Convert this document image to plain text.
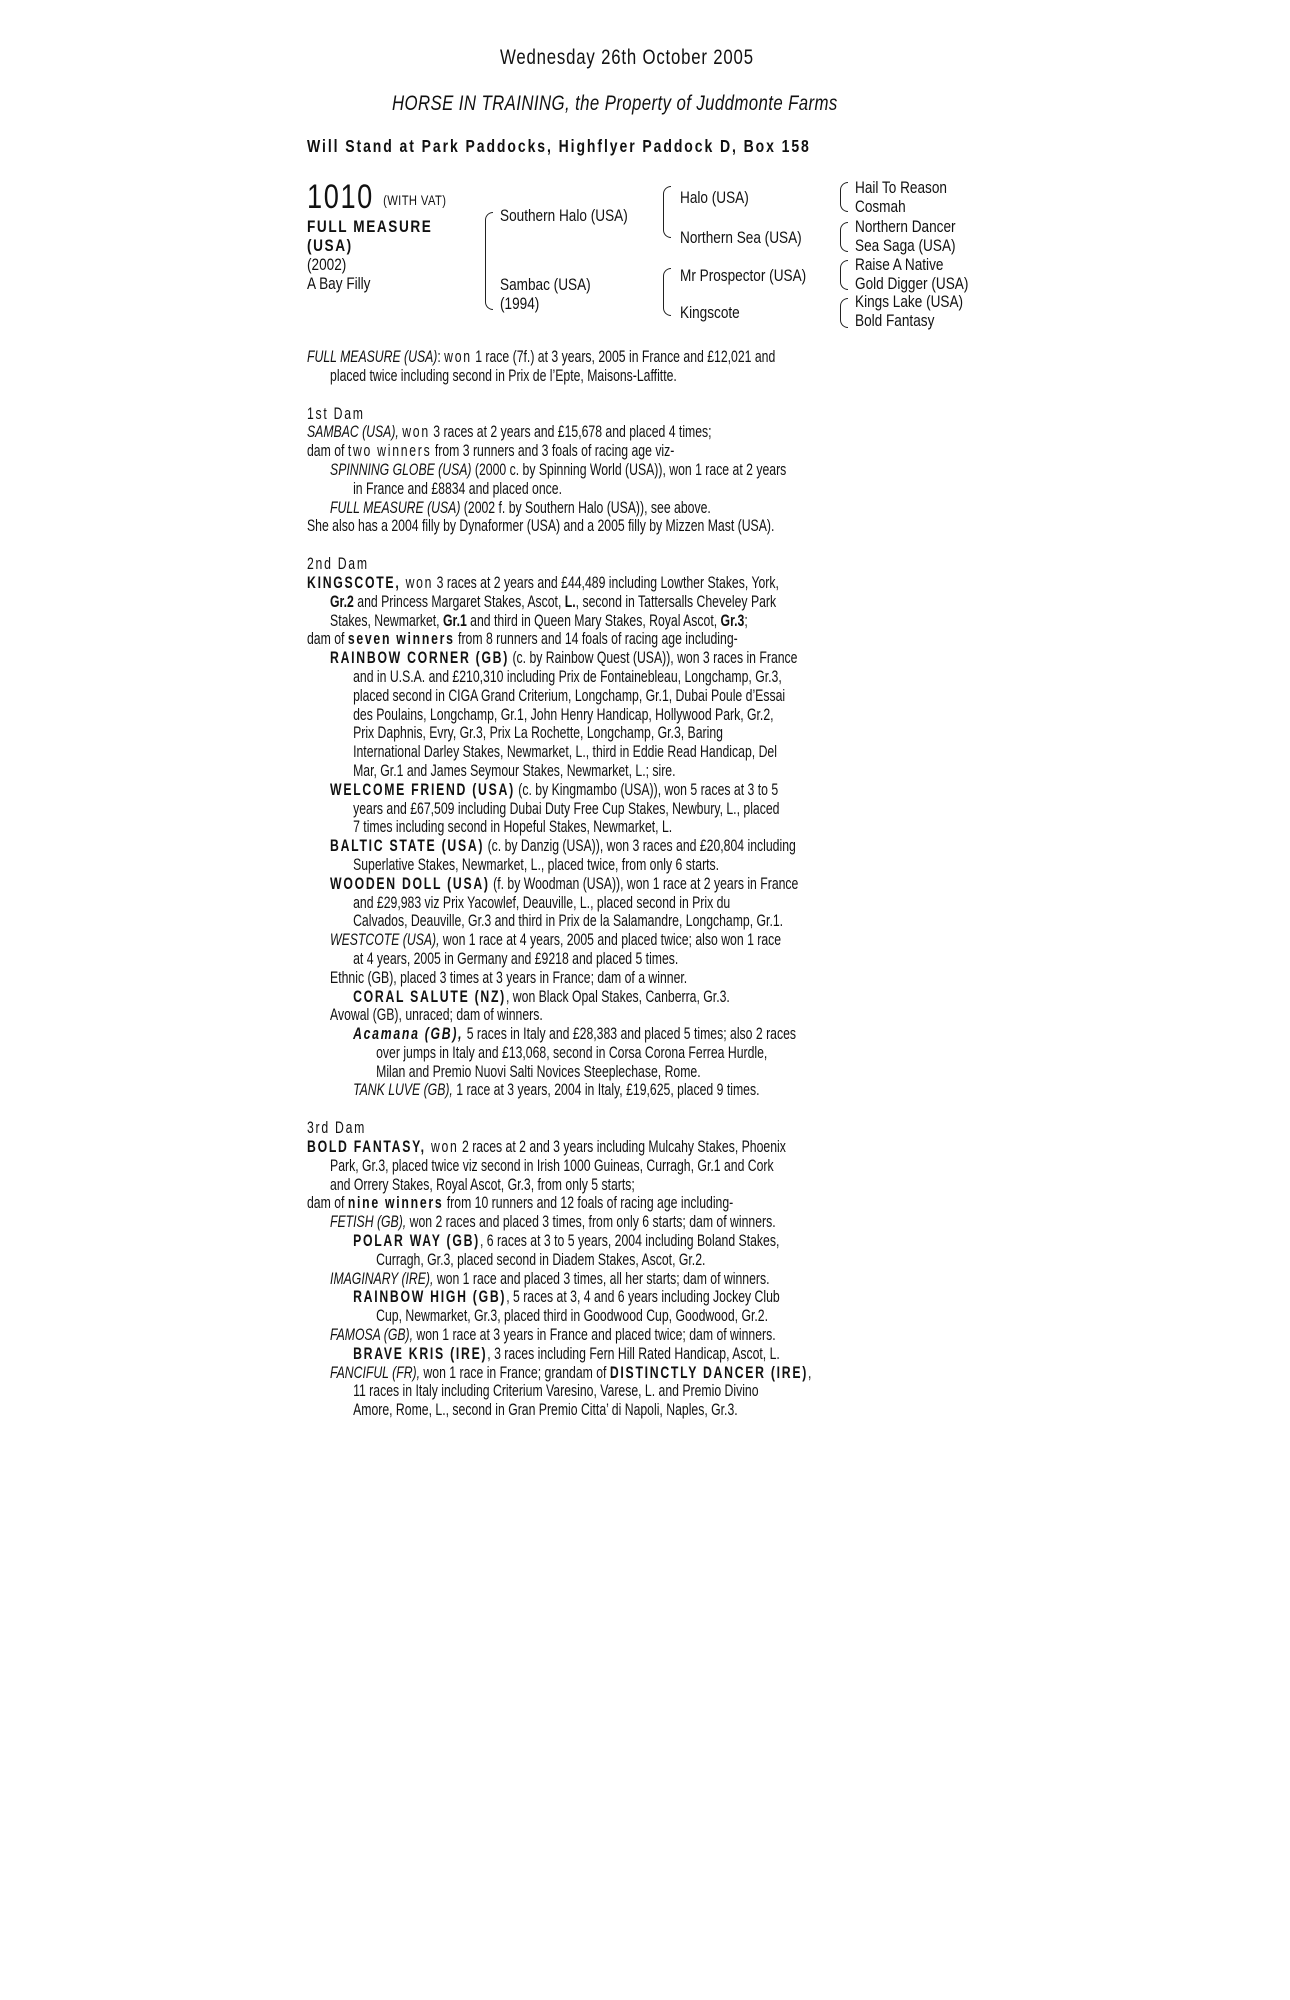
Wednesday 26th October 2005
HORSE IN TRAINING, the Property of Juddmonte Farms
Will Stand at Park Paddocks, Highflyer Paddock D, Box 158
1010 (WITH VAT)
FULL MEASURE
(USA)
(2002)
A Bay Filly
Southern Halo (USA)
Sambac (USA)
(1994)
Halo (USA)
Northern Sea (USA)
Mr Prospector (USA)
Kingscote
Hail To Reason
Cosmah
Northern Dancer
Sea Saga (USA)
Raise A Native
Gold Digger (USA)
Kings Lake (USA)
Bold Fantasy

FULL MEASURE (USA): won 1 race (7f.) at 3 years, 2005 in France and £12,021 and

placed twice including second in Prix de l’Epte, Maisons-Laffitte.

1st Dam

SAMBAC (USA), won 3 races at 2 years and £15,678 and placed 4 times;

dam of two winners from 3 runners and 3 foals of racing age viz-

SPINNING GLOBE (USA) (2000 c. by Spinning World (USA)), won 1 race at 2 years

in France and £8834 and placed once.

FULL MEASURE (USA) (2002 f. by Southern Halo (USA)), see above.

She also has a 2004 filly by Dynaformer (USA) and a 2005 filly by Mizzen Mast (USA).

2nd Dam

KINGSCOTE, won 3 races at 2 years and £44,489 including Lowther Stakes, York,

Gr.2 and Princess Margaret Stakes, Ascot, L., second in Tattersalls Cheveley Park

Stakes, Newmarket, Gr.1 and third in Queen Mary Stakes, Royal Ascot, Gr.3;

dam of seven winners from 8 runners and 14 foals of racing age including-

RAINBOW CORNER (GB) (c. by Rainbow Quest (USA)), won 3 races in France

and in U.S.A. and £210,310 including Prix de Fontainebleau, Longchamp, Gr.3,

placed second in CIGA Grand Criterium, Longchamp, Gr.1, Dubai Poule d’Essai

des Poulains, Longchamp, Gr.1, John Henry Handicap, Hollywood Park, Gr.2,

Prix Daphnis, Evry, Gr.3, Prix La Rochette, Longchamp, Gr.3, Baring

International Darley Stakes, Newmarket, L., third in Eddie Read Handicap, Del

Mar, Gr.1 and James Seymour Stakes, Newmarket, L.; sire.

WELCOME FRIEND (USA) (c. by Kingmambo (USA)), won 5 races at 3 to 5

years and £67,509 including Dubai Duty Free Cup Stakes, Newbury, L., placed

7 times including second in Hopeful Stakes, Newmarket, L.

BALTIC STATE (USA) (c. by Danzig (USA)), won 3 races and £20,804 including

Superlative Stakes, Newmarket, L., placed twice, from only 6 starts.

WOODEN DOLL (USA) (f. by Woodman (USA)), won 1 race at 2 years in France

and £29,983 viz Prix Yacowlef, Deauville, L., placed second in Prix du

Calvados, Deauville, Gr.3 and third in Prix de la Salamandre, Longchamp, Gr.1.

WESTCOTE (USA), won 1 race at 4 years, 2005 and placed twice; also won 1 race

at 4 years, 2005 in Germany and £9218 and placed 5 times.

Ethnic (GB), placed 3 times at 3 years in France; dam of a winner.

CORAL SALUTE (NZ), won Black Opal Stakes, Canberra, Gr.3.

Avowal (GB), unraced; dam of winners.

Acamana (GB), 5 races in Italy and £28,383 and placed 5 times; also 2 races

over jumps in Italy and £13,068, second in Corsa Corona Ferrea Hurdle,

Milan and Premio Nuovi Salti Novices Steeplechase, Rome.

TANK LUVE (GB), 1 race at 3 years, 2004 in Italy, £19,625, placed 9 times.

3rd Dam

BOLD FANTASY, won 2 races at 2 and 3 years including Mulcahy Stakes, Phoenix

Park, Gr.3, placed twice viz second in Irish 1000 Guineas, Curragh, Gr.1 and Cork

and Orrery Stakes, Royal Ascot, Gr.3, from only 5 starts;

dam of nine winners from 10 runners and 12 foals of racing age including-

FETISH (GB), won 2 races and placed 3 times, from only 6 starts; dam of winners.

POLAR WAY (GB), 6 races at 3 to 5 years, 2004 including Boland Stakes,

Curragh, Gr.3, placed second in Diadem Stakes, Ascot, Gr.2.

IMAGINARY (IRE), won 1 race and placed 3 times, all her starts; dam of winners.

RAINBOW HIGH (GB), 5 races at 3, 4 and 6 years including Jockey Club

Cup, Newmarket, Gr.3, placed third in Goodwood Cup, Goodwood, Gr.2.

FAMOSA (GB), won 1 race at 3 years in France and placed twice; dam of winners.

BRAVE KRIS (IRE), 3 races including Fern Hill Rated Handicap, Ascot, L.

FANCIFUL (FR), won 1 race in France; grandam of DISTINCTLY DANCER (IRE),

11 races in Italy including Criterium Varesino, Varese, L. and Premio Divino

Amore, Rome, L., second in Gran Premio Citta’ di Napoli, Naples, Gr.3.
